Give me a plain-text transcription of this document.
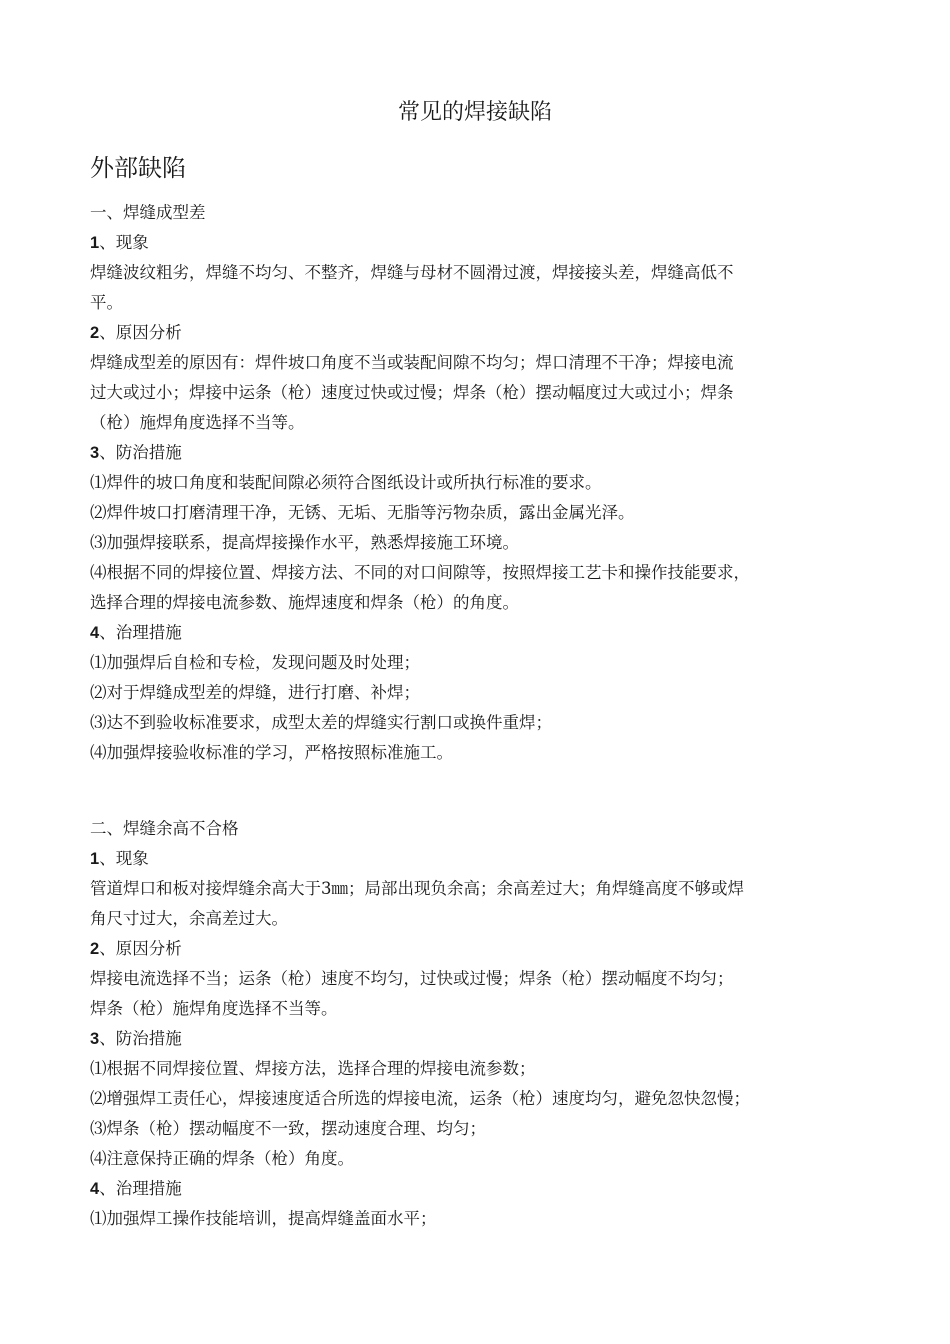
常见的焊接缺陷
外部缺陷

一、焊缝成型差

1、现象

焊缝波纹粗劣，焊缝不均匀、不整齐，焊缝与母材不圆滑过渡，焊接接头差，焊缝高低不

平。

2、原因分析

焊缝成型差的原因有：焊件坡口角度不当或装配间隙不均匀；焊口清理不干净；焊接电流

过大或过小；焊接中运条（枪）速度过快或过慢；焊条（枪）摆动幅度过大或过小；焊条

（枪）施焊角度选择不当等。

3、防治措施

⑴焊件的坡口角度和装配间隙必须符合图纸设计或所执行标准的要求。

⑵焊件坡口打磨清理干净，无锈、无垢、无脂等污物杂质，露出金属光泽。

⑶加强焊接联系，提高焊接操作水平，熟悉焊接施工环境。

⑷根据不同的焊接位置、焊接方法、不同的对口间隙等，按照焊接工艺卡和操作技能要求，

选择合理的焊接电流参数、施焊速度和焊条（枪）的角度。

4、治理措施

⑴加强焊后自检和专检，发现问题及时处理；

⑵对于焊缝成型差的焊缝，进行打磨、补焊；

⑶达不到验收标准要求，成型太差的焊缝实行割口或换件重焊；

⑷加强焊接验收标准的学习，严格按照标准施工。

二、焊缝余高不合格

1、现象

管道焊口和板对接焊缝余高大于3㎜；局部出现负余高；余高差过大；角焊缝高度不够或焊

角尺寸过大，余高差过大。

2、原因分析

焊接电流选择不当；运条（枪）速度不均匀，过快或过慢；焊条（枪）摆动幅度不均匀；

焊条（枪）施焊角度选择不当等。

3、防治措施

⑴根据不同焊接位置、焊接方法，选择合理的焊接电流参数；

⑵增强焊工责任心，焊接速度适合所选的焊接电流，运条（枪）速度均匀，避免忽快忽慢；

⑶焊条（枪）摆动幅度不一致，摆动速度合理、均匀；

⑷注意保持正确的焊条（枪）角度。

4、治理措施

⑴加强焊工操作技能培训，提高焊缝盖面水平；
